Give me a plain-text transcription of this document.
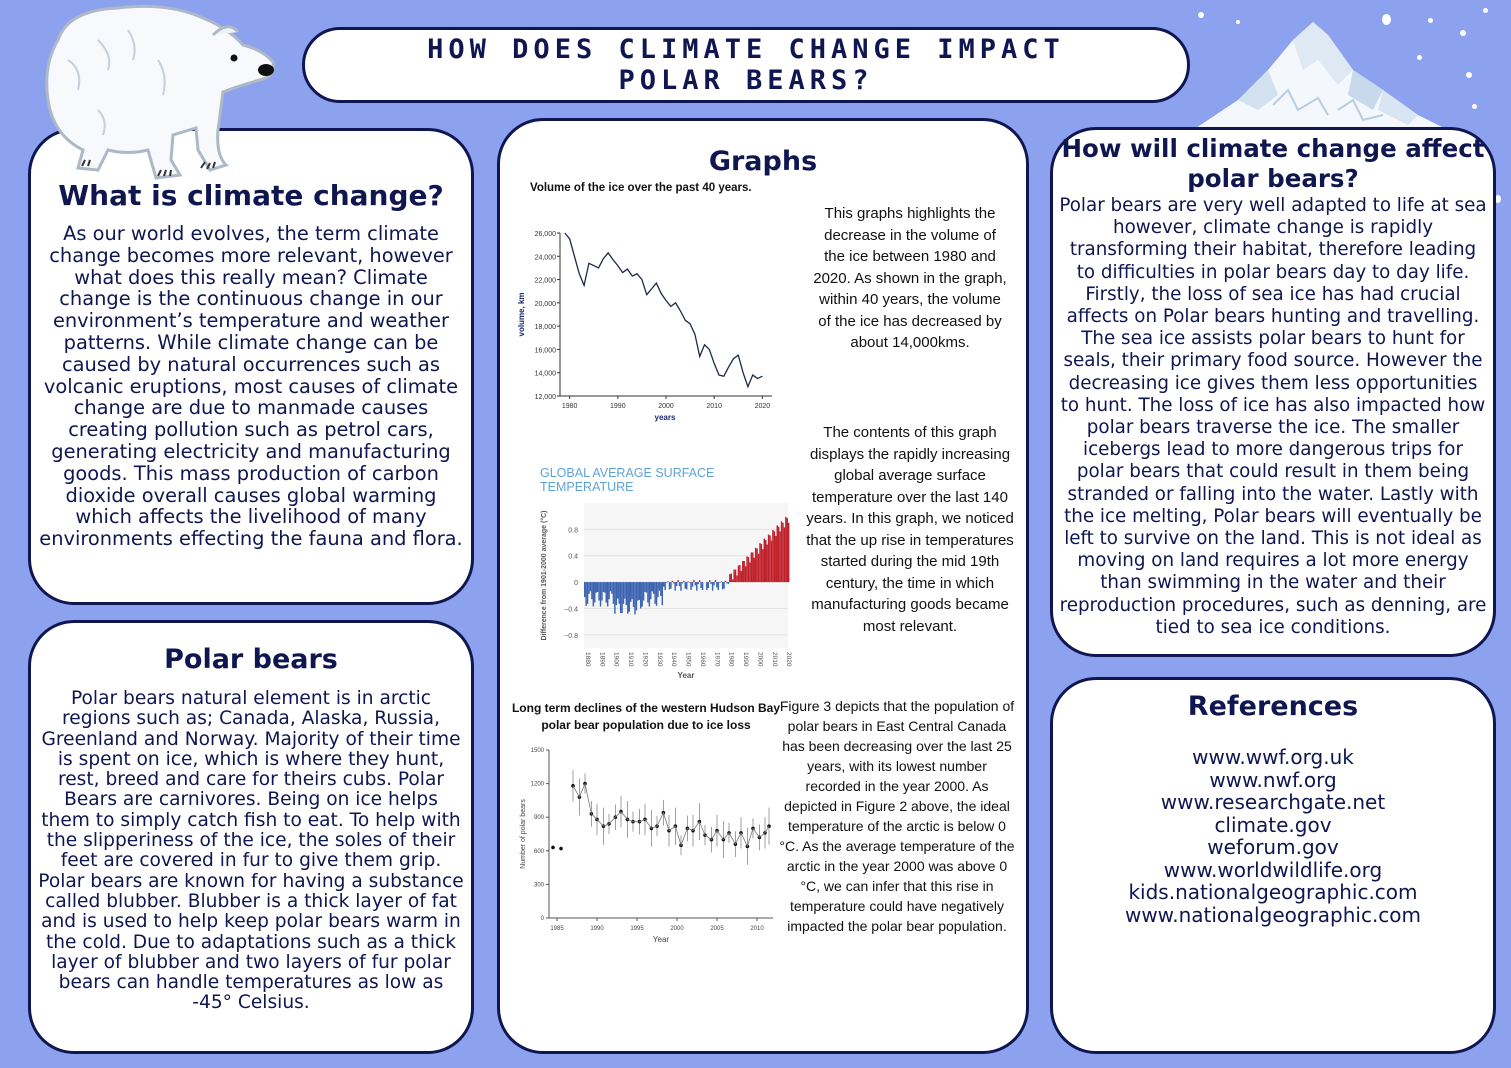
HOW DOES CLIMATE CHANGE IMPACT POLAR BEARS?
What is climate change?

As our world evolves, the term climate change becomes more relevant, however what does this really mean? Climate change is the continuous change in our environment’s temperature and weather patterns. While climate change can be caused by natural occurrences such as volcanic eruptions, most causes of climate change are due to manmade causes creating pollution such as petrol cars, generating electricity and manufacturing goods. This mass production of carbon dioxide overall causes global warming which affects the livelihood of many environments effecting the fauna and flora.

Polar bears

Polar bears natural element is in arctic regions such as; Canada, Alaska, Russia, Greenland and Norway. Majority of their time is spent on ice, which is where they hunt, rest, breed and care for theirs cubs. Polar Bears are carnivores. Being on ice helps them to simply catch fish to eat. To help with the slipperiness of the ice, the soles of their feet are covered in fur to give them grip. Polar bears are known for having a substance called blubber. Blubber is a thick layer of fat and is used to help keep polar bears warm in the cold. Due to adaptations such as a thick layer of blubber and two layers of fur polar bears can handle temperatures as low as -45° Celsius.

Graphs
Volume of the ice over the past 40 years.
26,000
24,000
22,000
20,000
18,000
16,000
14,000
12,000
1980	1990	2000	2010	2020
years
volume, km
GLOBAL AVERAGE SURFACE TEMPERATURE
0.8
0.4
0
−0.4
−0.8
1880 1890 1900 1910 1920 1930 1940 1950 1960 1970 1980 1990 2000 2010 2020
Year
Difference from 1901-2000 average (°C)
Long term declines of the western Hudson Bay polar bear population due to ice loss
1500
1200
900
600
300
0
1985	1990	1995	2000	2005	2010
Year
Number of polar bears
This graphs highlights the decrease in the volume of the ice between 1980 and 2020. As shown in the graph, within 40 years, the volume of the ice has decreased by about 14,000kms.
The contents of this graph displays the rapidly increasing global average surface temperature over the last 140 years. In this graph, we noticed that the up rise in temperatures started during the mid 19th century, the time in which manufacturing goods became most relevant.
Figure 3 depicts that the population of polar bears in East Central Canada has been decreasing over the last 25 years, with its lowest number recorded in the year 2000. As depicted in Figure 2 above, the ideal temperature of the arctic is below 0 °C. As the average temperature of the arctic in the year 2000 was above 0 °C, we can infer that this rise in temperature could have negatively impacted the polar bear population.
How will climate change affect polar bears?

Polar bears are very well adapted to life at sea however, climate change is rapidly transforming their habitat, therefore leading to difficulties in polar bears day to day life. Firstly, the loss of sea ice has had crucial affects on Polar bears hunting and travelling. The sea ice assists polar bears to hunt for seals, their primary food source. However the decreasing ice gives them less opportunities to hunt. The loss of ice has also impacted how polar bears traverse the ice. The smaller icebergs lead to more dangerous trips for polar bears that could result in them being stranded or falling into the water. Lastly with the ice melting, Polar bears will eventually be left to survive on the land. This is not ideal as moving on land requires a lot more energy than swimming in the water and their reproduction procedures, such as denning, are tied to sea ice conditions.

References
www.wwf.org.uk
www.nwf.org
www.researchgate.net
climate.gov
weforum.gov
www.worldwildlife.org
kids.nationalgeographic.com
www.nationalgeographic.com
